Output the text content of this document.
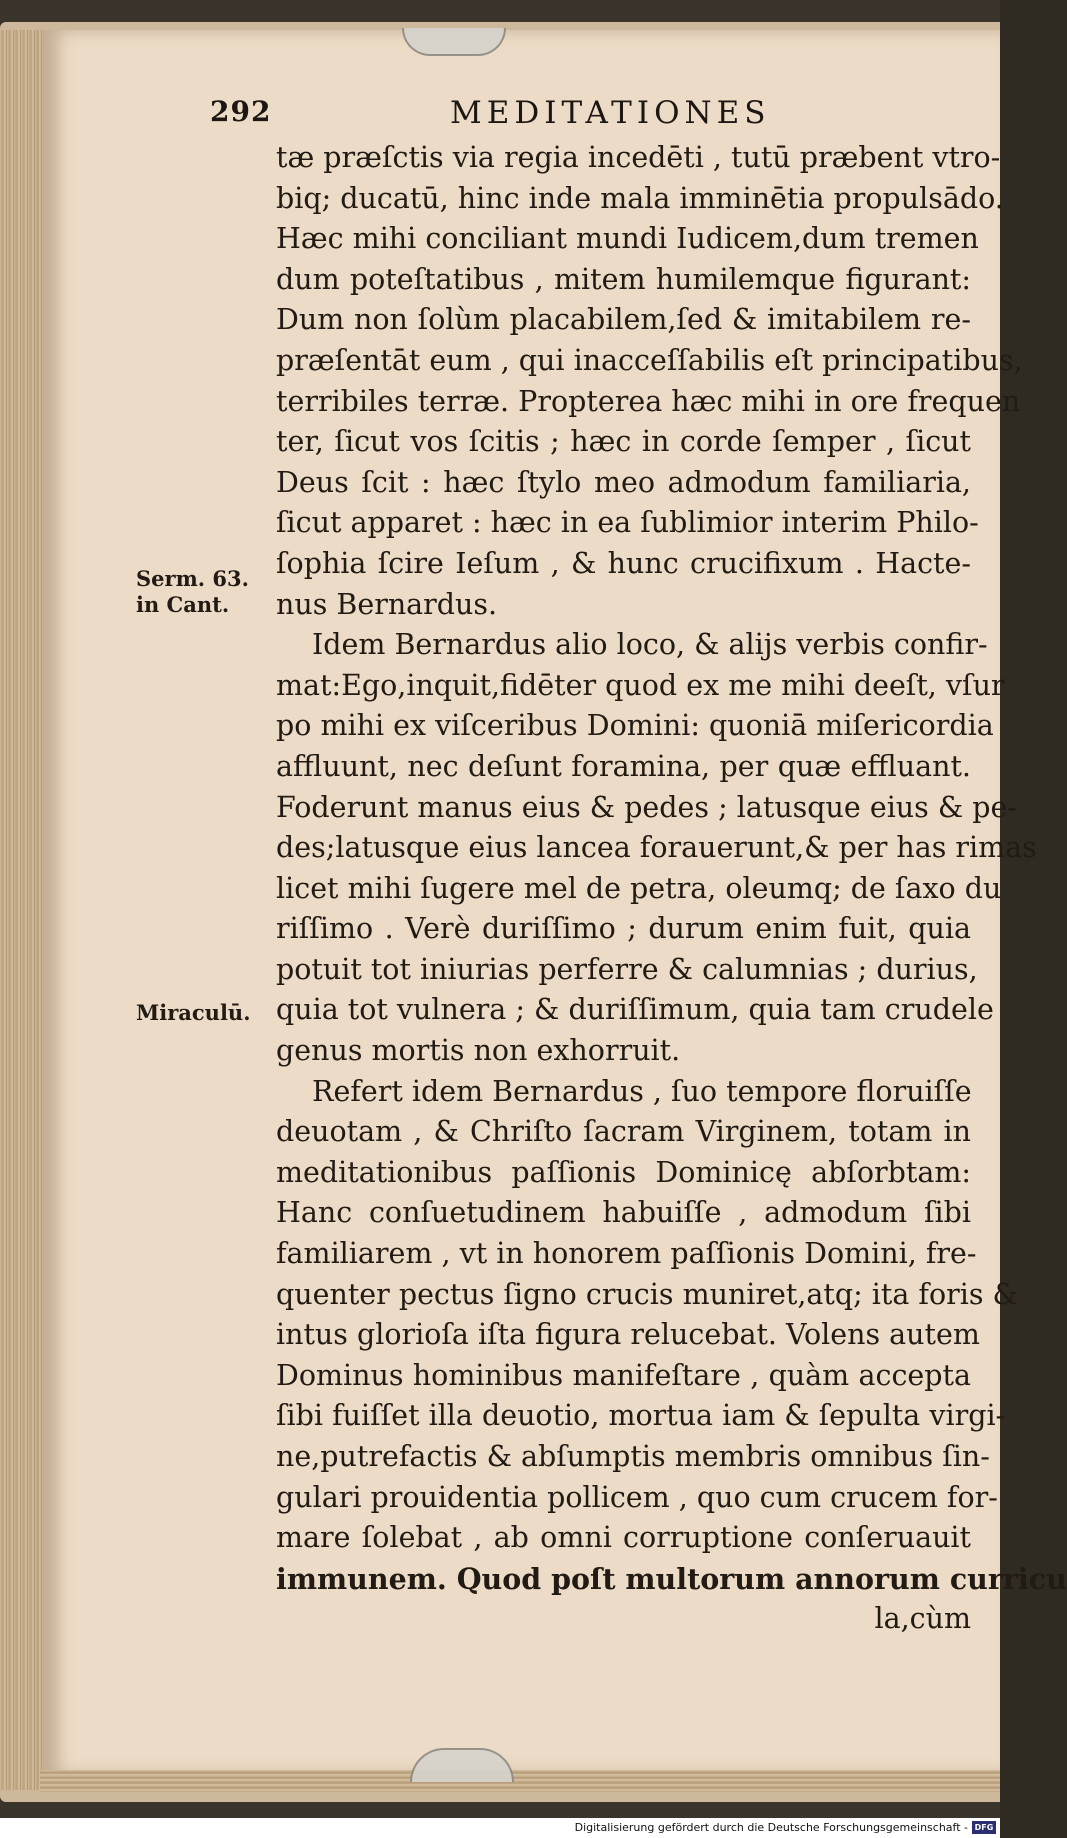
292	MEDITATIONES
Serm. 63.
in Cant.
Miraculū.
tæ præſctis via regia incedēti , tutū præbent vtro-
biq; ducatū, hinc inde mala imminētia propulsādo.
Hæc mihi conciliant mundi Iudicem,dum tremen
dum poteſtatibus , mitem humilemque figurant:
Dum non ſolùm placabilem,ſed & imitabilem re-
præſentāt eum , qui inacceſſabilis eſt principatibus,
terribiles terræ. Propterea hæc mihi in ore frequen
ter, ſicut vos ſcitis ; hæc in corde ſemper , ſicut
Deus ſcit : hæc ſtylo meo admodum familiaria,
ſicut apparet : hæc in ea ſublimior interim Philo-
ſophia ſcire Ieſum , & hunc crucifixum . Hacte-
nus Bernardus.
Idem Bernardus alio loco, & alijs verbis confir-
mat:Ego,inquit,fidēter quod ex me mihi deeſt, vſur
po mihi ex viſceribus Domini: quoniā miſericordia
affluunt, nec deſunt foramina, per quæ effluant.
Foderunt manus eius & pedes ; latusque eius & pe-
des;latusque eius lancea forauerunt,& per has rimas
licet mihi ſugere mel de petra, oleumq; de ſaxo du
riſſimo . Verè duriſſimo ; durum enim fuit, quia
potuit tot iniurias perferre & calumnias ; durius,
quia tot vulnera ; & duriſſimum, quia tam crudele
genus mortis non exhorruit.
Refert idem Bernardus , ſuo tempore floruiſſe
deuotam , & Chriſto ſacram Virginem, totam in
meditationibus paſſionis Dominicę abſorbtam:
Hanc conſuetudinem habuiſſe , admodum ſibi
familiarem , vt in honorem paſſionis Domini, fre-
quenter pectus ſigno crucis muniret,atq; ita foris &
intus glorioſa iſta figura relucebat. Volens autem
Dominus hominibus manifeſtare , quàm accepta
ſibi fuiſſet illa deuotio, mortua iam & ſepulta virgi-
ne,putrefactis & abſumptis membris omnibus ſin-
gulari prouidentia pollicem , quo cum crucem for-
mare ſolebat , ab omni corruptione conſeruauit
immunem. Quod poſt multorum annorum curricu
la,cùm
Digitalisierung gefördert durch die Deutsche Forschungsgemeinschaft - DFG
